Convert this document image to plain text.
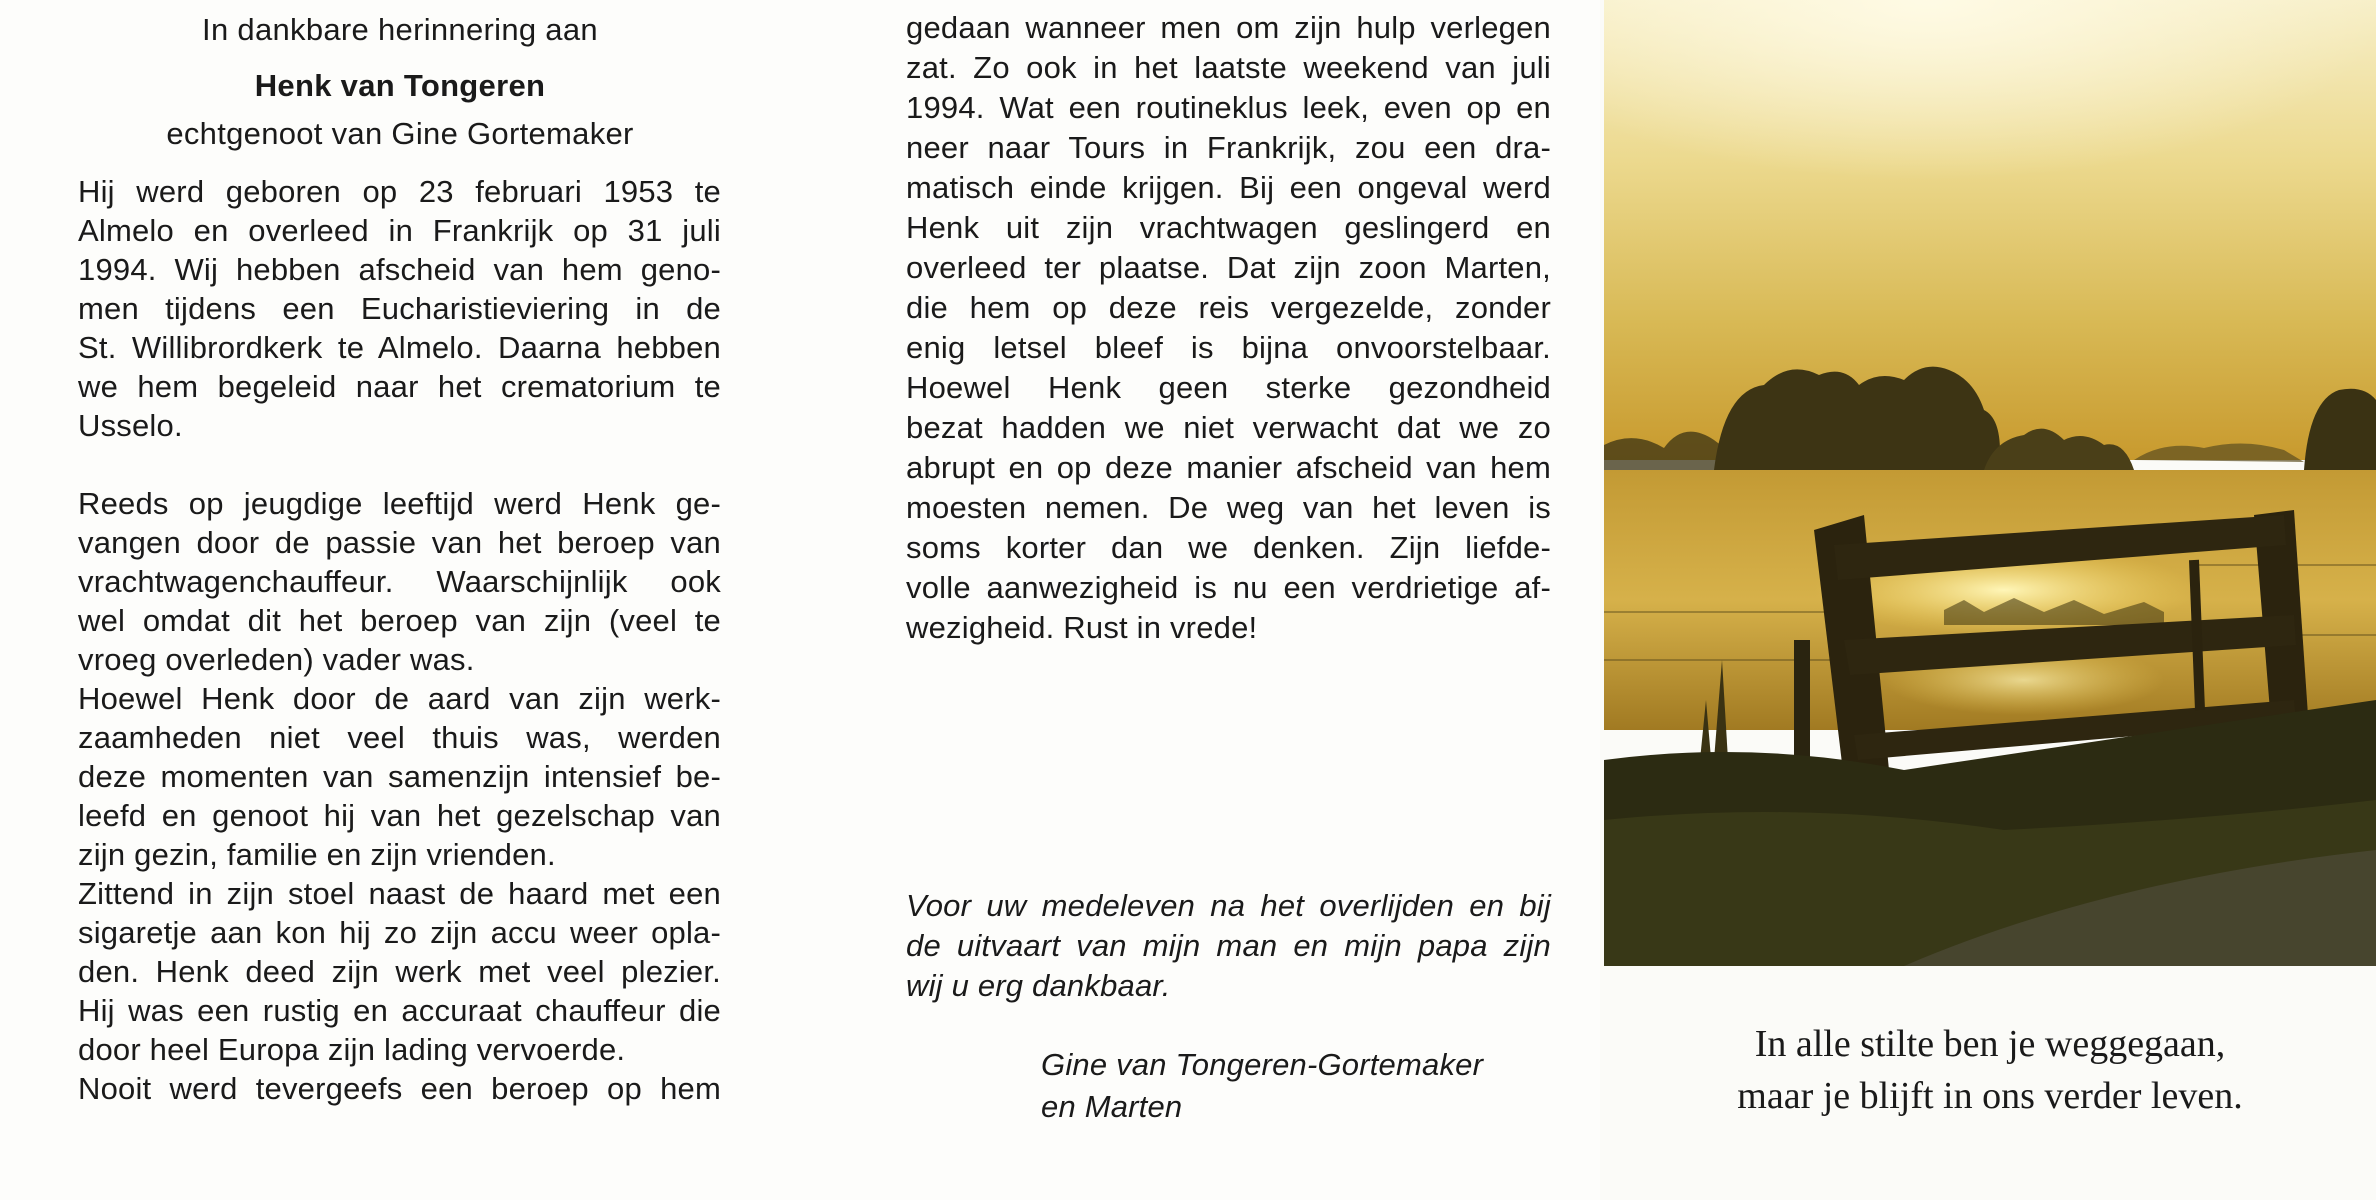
In dankbare herinnering aan
Henk van Tongeren
echtgenoot van Gine Gortemaker
Hij werd geboren op 23 februari 1953 te
Almelo en overleed in Frankrijk op 31 juli
1994. Wij hebben afscheid van hem geno-
men tijdens een Eucharistieviering in de
St. Willibrordkerk te Almelo. Daarna hebben
we hem begeleid naar het crematorium te
Usselo.
Reeds op jeugdige leeftijd werd Henk ge-
vangen door de passie van het beroep van
vrachtwagenchauffeur. Waarschijnlijk ook
wel omdat dit het beroep van zijn (veel te
vroeg overleden) vader was.
Hoewel Henk door de aard van zijn werk-
zaamheden niet veel thuis was, werden
deze momenten van samenzijn intensief be-
leefd en genoot hij van het gezelschap van
zijn gezin, familie en zijn vrienden.
Zittend in zijn stoel naast de haard met een
sigaretje aan kon hij zo zijn accu weer opla-
den. Henk deed zijn werk met veel plezier.
Hij was een rustig en accuraat chauffeur die
door heel Europa zijn lading vervoerde.
Nooit werd tevergeefs een beroep op hem
gedaan wanneer men om zijn hulp verlegen
zat. Zo ook in het laatste weekend van juli
1994. Wat een routineklus leek, even op en
neer naar Tours in Frankrijk, zou een dra-
matisch einde krijgen. Bij een ongeval werd
Henk uit zijn vrachtwagen geslingerd en
overleed ter plaatse. Dat zijn zoon Marten,
die hem op deze reis vergezelde, zonder
enig letsel bleef is bijna onvoorstelbaar.
Hoewel Henk geen sterke gezondheid
bezat hadden we niet verwacht dat we zo
abrupt en op deze manier afscheid van hem
moesten nemen. De weg van het leven is
soms korter dan we denken. Zijn liefde-
volle aanwezigheid is nu een verdrietige af-
wezigheid. Rust in vrede!
Voor uw medeleven na het overlijden en bij
de uitvaart van mijn man en mijn papa zijn
wij u erg dankbaar.
Gine van Tongeren-Gortemaker
en Marten
In alle stilte ben je weggegaan,
maar je blijft in ons verder leven.
